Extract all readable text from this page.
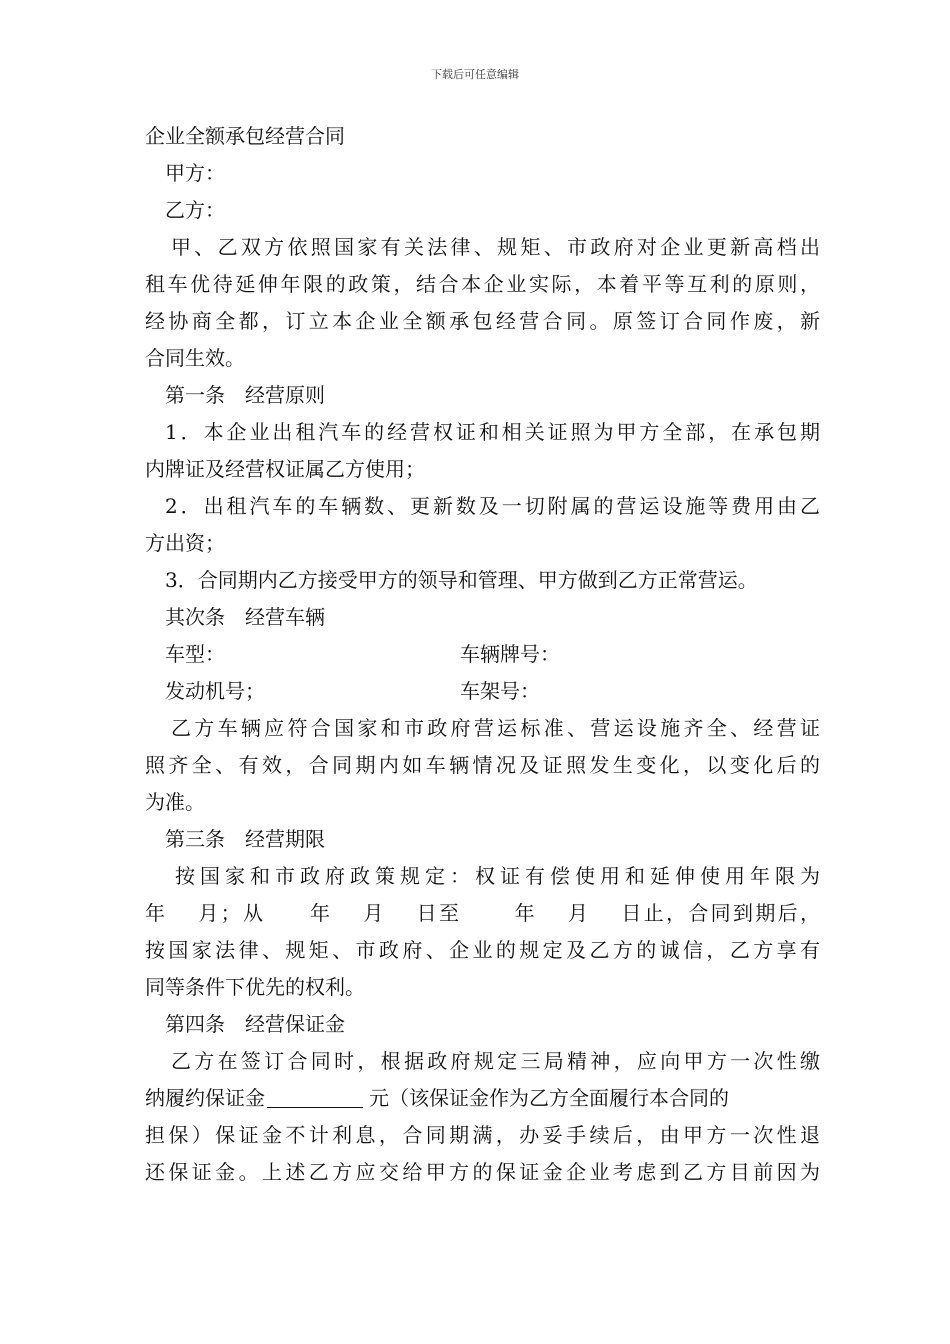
下载后可任意编辑
企业全额承包经营合同
甲方：
乙方：
甲、乙双方依照国家有关法律、规矩、市政府对企业更新高档出
租车优待延伸年限的政策，结合本企业实际，本着平等互利的原则，
经协商全都，订立本企业全额承包经营合同。原签订合同作废，新
合同生效。
第一条　经营原则
1．本企业出租汽车的经营权证和相关证照为甲方全部，在承包期
内牌证及经营权证属乙方使用；
2．出租汽车的车辆数、更新数及一切附属的营运设施等费用由乙
方出资；
3．合同期内乙方接受甲方的领导和管理、甲方做到乙方正常营运。
其次条　经营车辆
车型：	车辆牌号：
发动机号；	车架号：
乙方车辆应符合国家和市政府营运标准、营运设施齐全、经营证
照齐全、有效，合同期内如车辆情况及证照发生变化，以变化后的
为准。
第三条　经营期限
按国家和市政府政策规定：权证有偿使用和延伸使用年限为
年　 月；从　　年　 月　 日至　　 年　 月　 日止，合同到期后，
按国家法律、规矩、市政府、企业的规定及乙方的诚信，乙方享有
同等条件下优先的权利。
第四条　经营保证金
乙方在签订合同时，根据政府规定三局精神，应向甲方一次性缴
纳履约保证金	元（该保证金作为乙方全面履行本合同的
担保）保证金不计利息，合同期满，办妥手续后，由甲方一次性退
还保证金。上述乙方应交给甲方的保证金企业考虑到乙方目前因为
